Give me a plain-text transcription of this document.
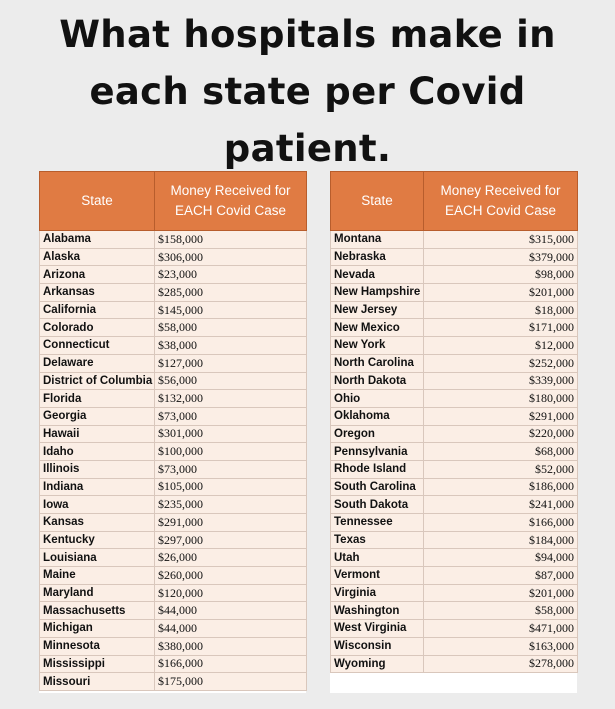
What hospitals make in
each state per Covid
patient.
State	Money Received for
EACH Covid Case

Alabama	$158,000
Alaska	$306,000
Arizona	$23,000
Arkansas	$285,000
California	$145,000
Colorado	$58,000
Connecticut	$38,000
Delaware	$127,000
District of Columbia	$56,000
Florida	$132,000
Georgia	$73,000
Hawaii	$301,000
Idaho	$100,000
Illinois	$73,000
Indiana	$105,000
Iowa	$235,000
Kansas	$291,000
Kentucky	$297,000
Louisiana	$26,000
Maine	$260,000
Maryland	$120,000
Massachusetts	$44,000
Michigan	$44,000
Minnesota	$380,000
Mississippi	$166,000
Missouri	$175,000
State	Money Received for
EACH Covid Case

Montana	$315,000
Nebraska	$379,000
Nevada	$98,000
New Hampshire	$201,000
New Jersey	$18,000
New Mexico	$171,000
New York	$12,000
North Carolina	$252,000
North Dakota	$339,000
Ohio	$180,000
Oklahoma	$291,000
Oregon	$220,000
Pennsylvania	$68,000
Rhode Island	$52,000
South Carolina	$186,000
South Dakota	$241,000
Tennessee	$166,000
Texas	$184,000
Utah	$94,000
Vermont	$87,000
Virginia	$201,000
Washington	$58,000
West Virginia	$471,000
Wisconsin	$163,000
Wyoming	$278,000
